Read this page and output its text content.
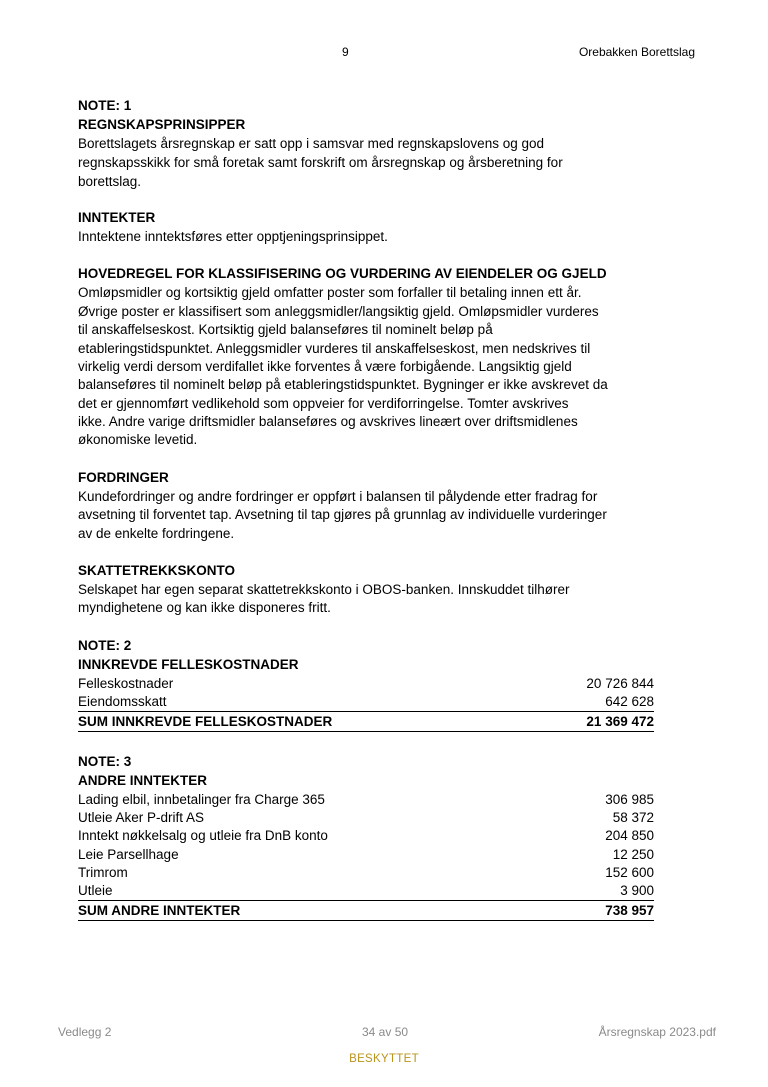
9	Orebakken Borettslag
NOTE: 1
REGNSKAPSPRINSIPPER
Borettslagets årsregnskap er satt opp i samsvar med regnskapslovens og god
regnskapsskikk for små foretak samt forskrift om årsregnskap og årsberetning for
borettslag.
INNTEKTER
Inntektene inntektsføres etter opptjeningsprinsippet.
HOVEDREGEL FOR KLASSIFISERING OG VURDERING AV EIENDELER OG GJELD
Omløpsmidler og kortsiktig gjeld omfatter poster som forfaller til betaling innen ett år.
Øvrige poster er klassifisert som anleggsmidler/langsiktig gjeld. Omløpsmidler vurderes
til anskaffelseskost. Kortsiktig gjeld balanseføres til nominelt beløp på
etableringstidspunktet. Anleggsmidler vurderes til anskaffelseskost, men nedskrives til
virkelig verdi dersom verdifallet ikke forventes å være forbigående. Langsiktig gjeld
balanseføres til nominelt beløp på etableringstidspunktet. Bygninger er ikke avskrevet da
det er gjennomført vedlikehold som oppveier for verdiforringelse. Tomter avskrives
ikke. Andre varige driftsmidler balanseføres og avskrives lineært over driftsmidlenes
økonomiske levetid.
FORDRINGER
Kundefordringer og andre fordringer er oppført i balansen til pålydende etter fradrag for
avsetning til forventet tap. Avsetning til tap gjøres på grunnlag av individuelle vurderinger
av de enkelte fordringene.
SKATTETREKKSKONTO
Selskapet har egen separat skattetrekkskonto i OBOS-banken. Innskuddet tilhører
myndighetene og kan ikke disponeres fritt.
NOTE: 2
INNKREVDE FELLESKOSTNADER
Felleskostnader	20 726 844
Eiendomsskatt	642 628
SUM INNKREVDE FELLESKOSTNADER	21 369 472
NOTE: 3
ANDRE INNTEKTER
Lading elbil, innbetalinger fra Charge 365	306 985
Utleie Aker P-drift AS	58 372
Inntekt nøkkelsalg og utleie fra DnB konto	204 850
Leie Parsellhage	12 250
Trimrom	152 600
Utleie	3 900
SUM ANDRE INNTEKTER	738 957
Vedlegg 2	34 av 50	Årsregnskap 2023.pdf
BESKYTTET
